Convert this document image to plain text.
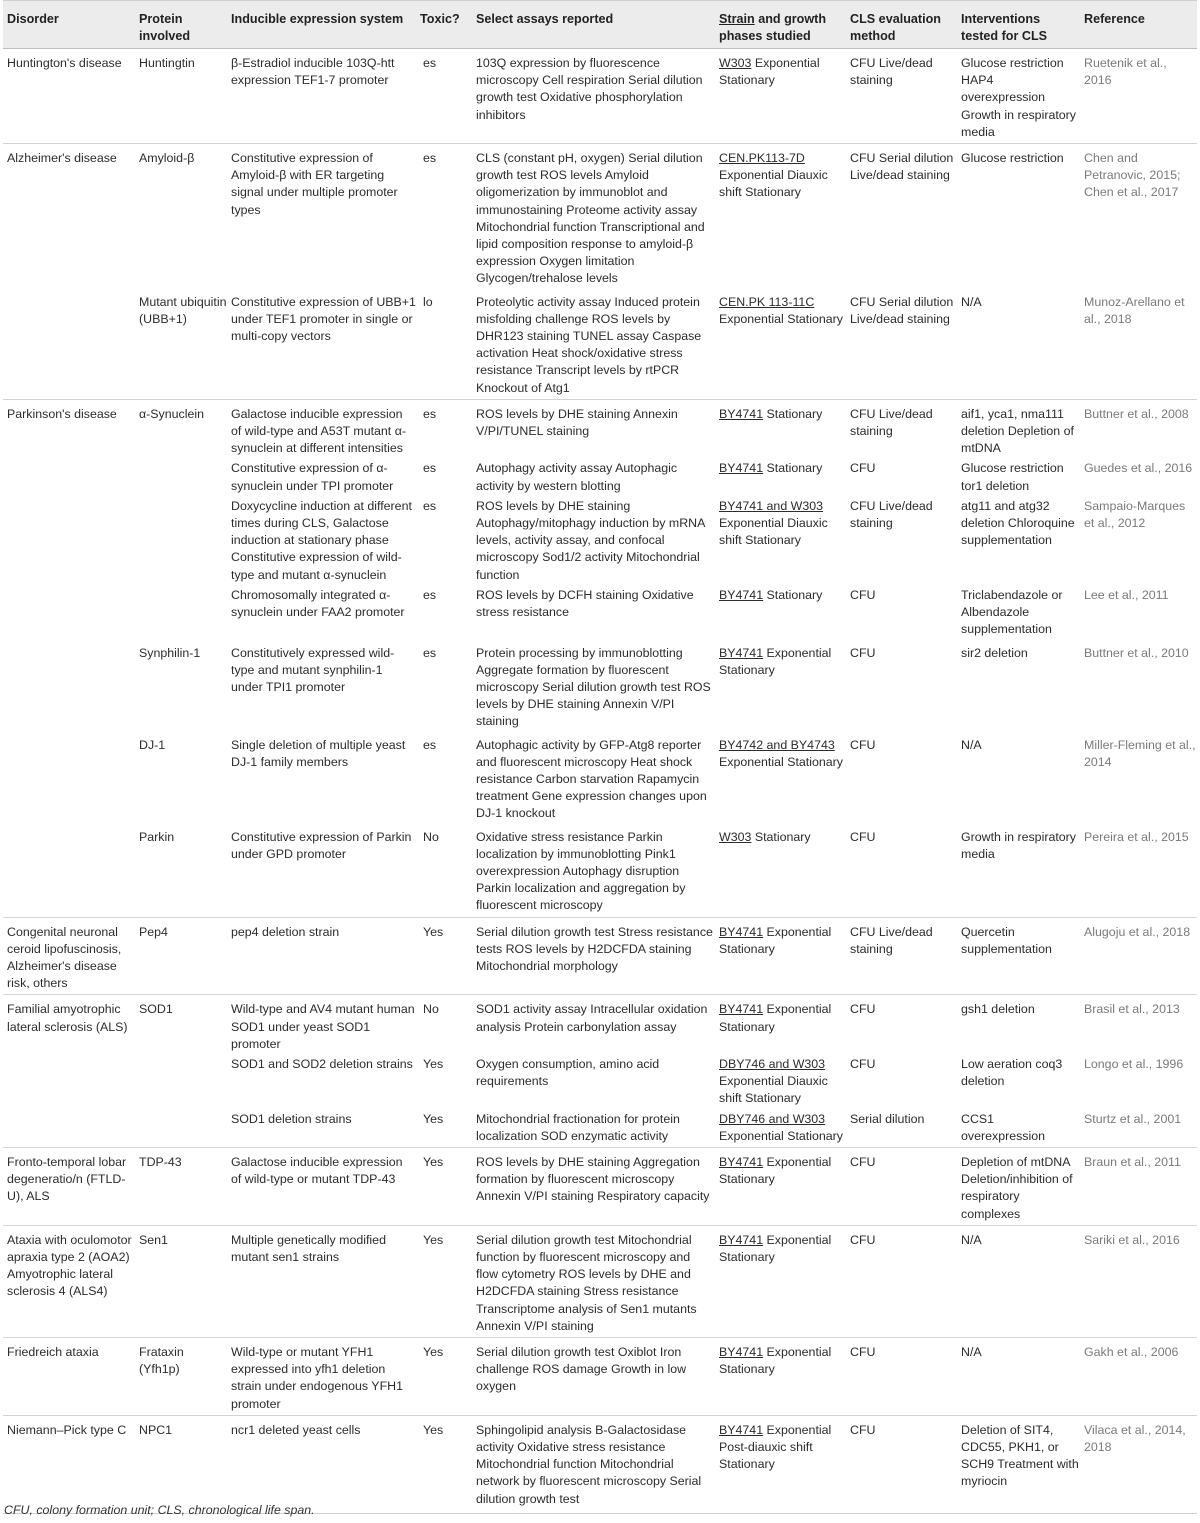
Disorder	Protein involved	Inducible expression system	Toxic?	Select assays reported	Strain and growth phases studied	CLS evaluation method	Interventions tested for CLS	Reference
Huntington's disease	Huntingtin	β-Estradiol inducible 103Q-htt expression TEF1-7 promoter	es	103Q expression by fluorescence microscopy Cell respiration Serial dilution growth test Oxidative phosphorylation inhibitors	W303 Exponential Stationary	CFU Live/dead staining	Glucose restriction HAP4 overexpression Growth in respiratory media	Ruetenik et al., 2016
Alzheimer's disease	Amyloid-β	Constitutive expression of Amyloid-β with ER targeting signal under multiple promoter types	es	CLS (constant pH, oxygen) Serial dilution growth test ROS levels Amyloid oligomerization by immunoblot and immunostaining Proteome activity assay Mitochondrial function Transcriptional and lipid composition response to amyloid-β expression Oxygen limitation Glycogen/trehalose levels	CEN.PK113-7D Exponential Diauxic shift Stationary	CFU Serial dilution Live/dead staining	Glucose restriction	Chen and Petranovic, 2015; Chen et al., 2017
	Mutant ubiquitin (UBB+1)	Constitutive expression of UBB+1 under TEF1 promoter in single or multi-copy vectors	lo	Proteolytic activity assay Induced protein misfolding challenge ROS levels by DHR123 staining TUNEL assay Caspase activation Heat shock/oxidative stress resistance Transcript levels by rtPCR Knockout of Atg1	CEN.PK 113-11C Exponential Stationary	CFU Serial dilution Live/dead staining	N/A	Munoz-Arellano et al., 2018
Parkinson's disease	α-Synuclein	Galactose inducible expression of wild-type and A53T mutant α-synuclein at different intensities	es	ROS levels by DHE staining Annexin V/PI/TUNEL staining	BY4741 Stationary	CFU Live/dead staining	aif1, yca1, nma111 deletion Depletion of mtDNA	Buttner et al., 2008
		Constitutive expression of α-synuclein under TPI promoter	es	Autophagy activity assay Autophagic activity by western blotting	BY4741 Stationary	CFU	Glucose restriction tor1 deletion	Guedes et al., 2016
		Doxycycline induction at different times during CLS, Galactose induction at stationary phase Constitutive expression of wild-type and mutant α-synuclein	es	ROS levels by DHE staining Autophagy/mitophagy induction by mRNA levels, activity assay, and confocal microscopy Sod1/2 activity Mitochondrial function	BY4741 and W303 Exponential Diauxic shift Stationary	CFU Live/dead staining	atg11 and atg32 deletion Chloroquine supplementation	Sampaio-Marques et al., 2012
		Chromosomally integrated α-synuclein under FAA2 promoter	es	ROS levels by DCFH staining Oxidative stress resistance	BY4741 Stationary	CFU	Triclabendazole or Albendazole supplementation	Lee et al., 2011
	Synphilin-1	Constitutively expressed wild-type and mutant synphilin-1 under TPI1 promoter	es	Protein processing by immunoblotting Aggregate formation by fluorescent microscopy Serial dilution growth test ROS levels by DHE staining Annexin V/PI staining	BY4741 Exponential Stationary	CFU	sir2 deletion	Buttner et al., 2010
	DJ-1	Single deletion of multiple yeast DJ-1 family members	es	Autophagic activity by GFP-Atg8 reporter and fluorescent microscopy Heat shock resistance Carbon starvation Rapamycin treatment Gene expression changes upon DJ-1 knockout	BY4742 and BY4743 Exponential Stationary	CFU	N/A	Miller-Fleming et al., 2014
	Parkin	Constitutive expression of Parkin under GPD promoter	No	Oxidative stress resistance Parkin localization by immunoblotting Pink1 overexpression Autophagy disruption Parkin localization and aggregation by fluorescent microscopy	W303 Stationary	CFU	Growth in respiratory media	Pereira et al., 2015
Congenital neuronal ceroid lipofuscinosis, Alzheimer's disease risk, others	Pep4	pep4 deletion strain	Yes	Serial dilution growth test Stress resistance tests ROS levels by H2DCFDA staining Mitochondrial morphology	BY4741 Exponential Stationary	CFU Live/dead staining	Quercetin supplementation	Alugoju et al., 2018
Familial amyotrophic lateral sclerosis (ALS)	SOD1	Wild-type and AV4 mutant human SOD1 under yeast SOD1 promoter	No	SOD1 activity assay Intracellular oxidation analysis Protein carbonylation assay	BY4741 Exponential Stationary	CFU	gsh1 deletion	Brasil et al., 2013
		SOD1 and SOD2 deletion strains	Yes	Oxygen consumption, amino acid requirements	DBY746 and W303 Exponential Diauxic shift Stationary	CFU	Low aeration coq3 deletion	Longo et al., 1996
		SOD1 deletion strains	Yes	Mitochondrial fractionation for protein localization SOD enzymatic activity	DBY746 and W303 Exponential Stationary	Serial dilution	CCS1 overexpression	Sturtz et al., 2001
Fronto-temporal lobar degeneratio/n (FTLD-U), ALS	TDP-43	Galactose inducible expression of wild-type or mutant TDP-43	Yes	ROS levels by DHE staining Aggregation formation by fluorescent microscopy Annexin V/PI staining Respiratory capacity	BY4741 Exponential Stationary	CFU	Depletion of mtDNA Deletion/inhibition of respiratory complexes	Braun et al., 2011
Ataxia with oculomotor apraxia type 2 (AOA2) Amyotrophic lateral sclerosis 4 (ALS4)	Sen1	Multiple genetically modified mutant sen1 strains	Yes	Serial dilution growth test Mitochondrial function by fluorescent microscopy and flow cytometry ROS levels by DHE and H2DCFDA staining Stress resistance Transcriptome analysis of Sen1 mutants Annexin V/PI staining	BY4741 Exponential Stationary	CFU	N/A	Sariki et al., 2016
Friedreich ataxia	Frataxin (Yfh1p)	Wild-type or mutant YFH1 expressed into yfh1 deletion strain under endogenous YFH1 promoter	Yes	Serial dilution growth test Oxiblot Iron challenge ROS damage Growth in low oxygen	BY4741 Exponential Stationary	CFU	N/A	Gakh et al., 2006
Niemann–Pick type C	NPC1	ncr1 deleted yeast cells	Yes	Sphingolipid analysis B-Galactosidase activity Oxidative stress resistance Mitochondrial function Mitochondrial network by fluorescent microscopy Serial dilution growth test	BY4741 Exponential Post-diauxic shift Stationary	CFU	Deletion of SIT4, CDC55, PKH1, or SCH9 Treatment with myriocin	Vilaca et al., 2014, 2018
CFU, colony formation unit; CLS, chronological life span.
